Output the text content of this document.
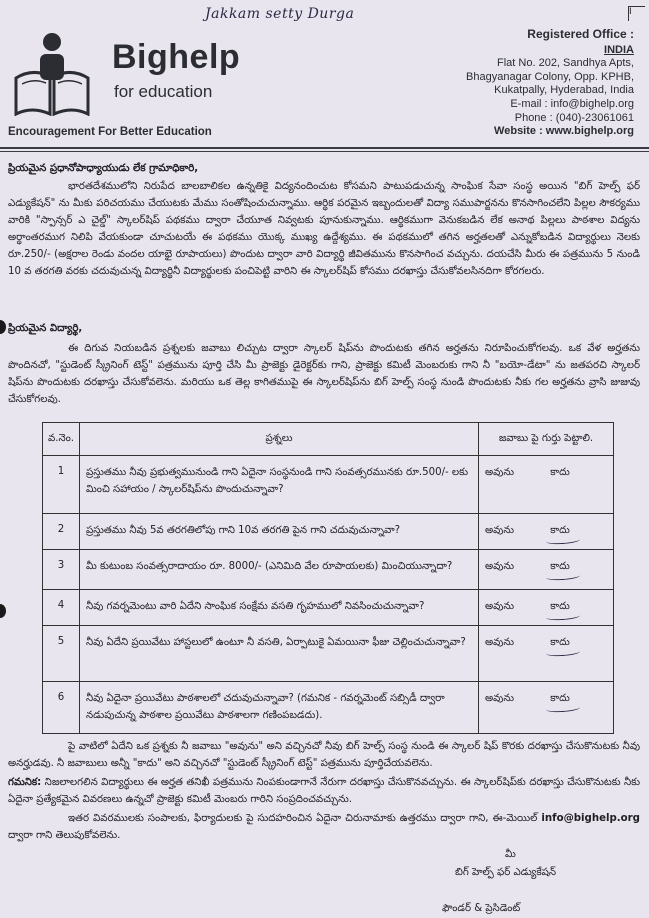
Jakkam setty Durga	I
Bighelp
for education
Encouragement For Better Education
Registered Office :
INDIA
Flat No. 202, Sandhya Apts,
Bhagyanagar Colony, Opp. KPHB,
Kukatpally, Hyderabad, India
E-mail : info@bighelp.org
Phone : (040)-23061061
Website : www.bighelp.org
ప్రియమైన ప్రధానోపాధ్యాయుడు లేక గ్రామాధికారి,
భారతదేశములోని నిరుపేద బాలబాలికల ఉన్నతికై విద్యనందించుట కోసమని పాటుపడుచున్న సాంఘిక సేవా సంస్థ అయిన "బిగ్ హెల్ప్ ఫర్ ఎడ్యుకేషన్" ను మీకు పరిచయము చేయుటకు మేము సంతోషించుచున్నాము. ఆర్థిక పరమైన ఇబ్బందులతో విద్యా సముపార్జనను కొనసాగించలేని పిల్లల సౌకర్యము వారికి "స్పాన్సర్ ఎ చైల్డ్" స్కాలర్‌షిప్ పథకము ద్వారా చేయూత నివ్వటకు పూనుకున్నాము. ఆర్థికముగా వెనుకబడిన లేక అనాథ పిల్లలు పాఠశాల విద్యను అర్థాంతరముగ నిలిపి వేయకుండా చూచుటయే ఈ పథకము యొక్క ముఖ్య ఉద్దేశ్యము. ఈ పథకములో తగిన అర్హతలతో ఎన్నుకోబడిన విద్యార్థులు నెలకు రూ.250/- (అక్షరాల రెండు వందల యాభై రూపాయలు) పొందుట ద్వారా వారి విద్యార్థి జీవితమును కొనసాగించ వచ్చును. దయచేసి మీరు ఈ పత్రమును 5 నుండి 10 వ తరగతి వరకు చదువుచున్న విద్యార్థినీ విద్యార్థులకు పంచిపెట్టి వారిని ఈ స్కాలర్‌షిప్ కోసము దరఖాస్తు చేసుకోవలసినదిగా కోరగలరు.
ప్రియమైన విద్యార్థి,
ఈ దిగువ నియబడిన ప్రశ్నలకు జవాబు లిచ్చుట ద్వారా స్కాలర్ షిప్‌ను పొందుటకు తగిన అర్హతను నిరూపించుకోగలవు. ఒక వేళ అర్హతను పొందినచో, "స్టుడెంట్ స్క్రీనింగ్ టెస్ట్" పత్రమును పూర్తి చేసి మీ ప్రాజెక్టు డైరెక్టర్‌కు గాని, ప్రాజెక్టు కమిటీ మెంబరుకు గాని నీ "బయో-డేటా" ను జతపరచి స్కాలర్ షిప్‌ను పొందుటకు దరఖాస్తు చేసుకోవలెను. మరియు ఒక తెల్ల కాగితముపై ఈ స్కాలర్‌షిప్‌ను బిగ్ హెల్ప్ సంస్థ నుండి పొందుటకు నీకు గల అర్హతను వ్రాసి జుజువు చేసుకోగలవు.
వ.నెం.	ప్రశ్నలు	జవాబు పై గుర్తు పెట్టాలి.
1	ప్రస్తుతము నీవు ప్రభుత్వమునుండి గాని ఏదైనా సంస్థనుండి గాని సంవత్సరమునకు రూ.500/- లకు మించి సహాయం / స్కాలర్‌షిప్‌ను పొందుచున్నావా?	అవును కాదు
2	ప్రస్తుతము నీవు 5వ తరగతిలోపు గాని 10వ తరగతి పైన గాని చదువుచున్నావా?	అవును కాదు

3	మీ కుటుంబ సంవత్సరాదాయం రూ. 8000/- (ఎనిమిది వేల రూపాయలకు) మించియున్నాదా?	అవును కాదు

4	నీవు గవర్నమెంటు వారి ఏదేని సాంఘిక సంక్షేమ వసతి గృహములో నివసించుచున్నావా?	అవును కాదు

5	నీవు ఏదేని ప్రయివేటు హాస్టలులో ఉంటూ నీ వసతి, ఏర్పాటుకై ఏమయినా ఫీజు చెల్లించుచున్నావా?	అవును కాదు

6	నీవు ఏదైనా ప్రయివేటు పాఠశాలలో చదువుచున్నావా? (గమనిక - గవర్నమెంట్ సబ్సిడీ ద్వారా నడుపుచున్న పాఠశాల ప్రయివేటు పాఠశాలగా గణింపబడదు).	అవును కాదు
పై వాటిలో ఏదేని ఒక ప్రశ్నకు నీ జవాబు "అవును" అని వచ్చినచో నీవు బిగ్ హెల్ప్ సంస్థ నుండి ఈ స్కాలర్ షిప్ కొరకు దరఖాస్తు చేసుకొనుటకు నీవు అనర్హుడవు. నీ జవాబులు అన్నీ "కాదు" అని వచ్చినచో "స్టుడెంట్ స్క్రీనింగ్ టెస్ట్" పత్రమును పూర్తిచేయవలెను.
గమనిక: నిజలాలగలిన విద్యార్థులు ఈ అర్హత తనిఖీ పత్రమును నింపకుండాగానే నేరుగా దరఖాస్తు చేసుకొనవచ్చును. ఈ స్కాలర్‌షిప్‌కు దరఖాస్తు చేసుకొనుటకు నీకు ఏదైనా ప్రత్యేకమైన వివరణలు ఉన్నచో ప్రాజెక్టు కమిటీ మెంబరు గారిని సంప్రదించవచ్చును.
ఇతర వివరములకు సంపాలకు, ఫిర్యాదులకు పై సుదహరించిన ఏదైనా చిరునామాకు ఉత్తరము ద్వారా గాని, ఈ-మెయిల్ info@bighelp.org ద్వారా గాని తెలుపుకోవలెను.
మీ
బిగ్ హెల్ప్ ఫర్ ఎడ్యుకేషన్
ఫౌండర్ & ప్రెసిడెంట్
